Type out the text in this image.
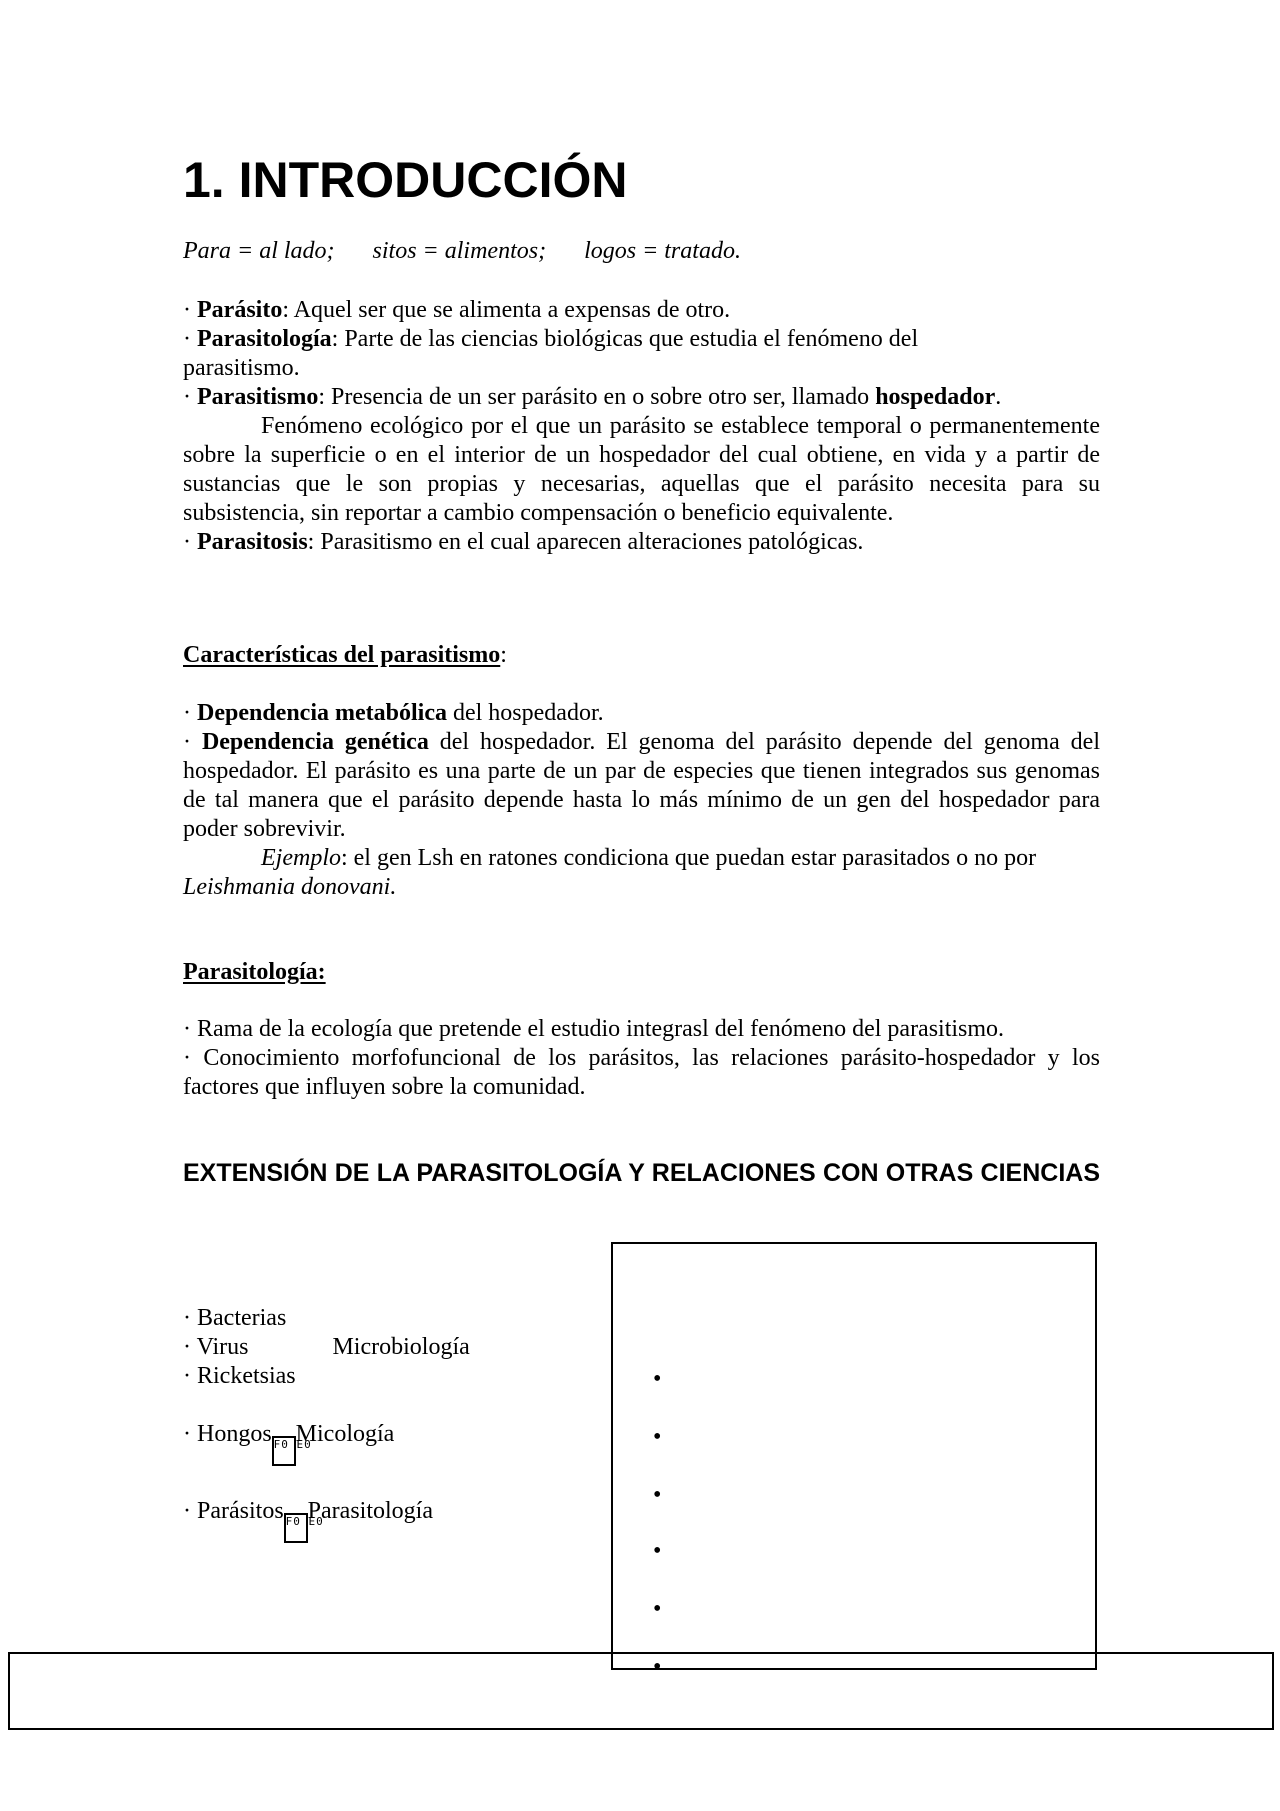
1. INTRODUCCIÓN
Para = al lado; sitos = alimentos; logos = tratado.
· Parásito: Aquel ser que se alimenta a expensas de otro.
· Parasitología: Parte de las ciencias biológicas que estudia el fenómeno del
parasitismo.
· Parasitismo: Presencia de un ser parásito en o sobre otro ser, llamado hospedador.
Fenómeno ecológico por el que un parásito se establece temporal o permanentemente sobre la superficie o en el interior de un hospedador del cual obtiene, en vida y a partir de sustancias que le son propias y necesarias, aquellas que el parásito necesita para su subsistencia, sin reportar a cambio compensación o beneficio equivalente.
· Parasitosis: Parasitismo en el cual aparecen alteraciones patológicas.
Características del parasitismo:
· Dependencia metabólica del hospedador.
· Dependencia genética del hospedador. El genoma del parásito depende del genoma del hospedador. El parásito es una parte de un par de especies que tienen integrados sus genomas de tal manera que el parásito depende hasta lo más mínimo de un gen del hospedador para poder sobrevivir.
Ejemplo: el gen Lsh en ratones condiciona que puedan estar parasitados o no por Leishmania donovani.
Parasitología:
· Rama de la ecología que pretende el estudio integrasl del fenómeno del parasitismo.
· Conocimiento morfofuncional de los parásitos, las relaciones parásito-hospedador y los factores que influyen sobre la comunidad.
EXTENSIÓN DE LA PARASITOLOGÍA Y RELACIONES CON OTRAS CIENCIAS
· Bacterias
· Virus	Microbiología
· Ricketsias
· Hongos F0 E0Micología
· Parásitos F0 E0Parasitología
•
•
•
•
•
•
